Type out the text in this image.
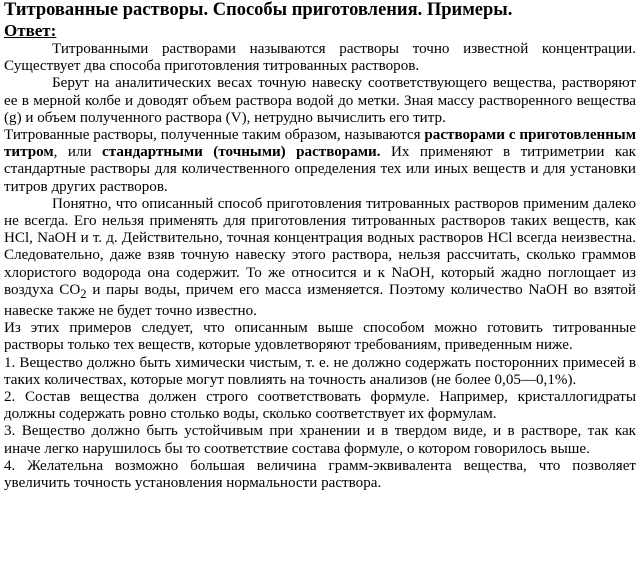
Титрованные растворы. Способы приготовления. Примеры.
Ответ:

Титрованными растворами называются растворы точно известной концентрации. Существует два способа приготовления титрованных растворов.

Берут на аналитических весах точную навеску соответствующего вещества, растворяют ее в мерной колбе и доводят объем раствора водой до метки. Зная массу растворенного вещества (g) и объем полученного раствора (V), нетрудно вычислить его титр.

Титрованные растворы, полученные таким образом, называются растворами с приготовленным титром, или стандартными (точными) растворами. Их применяют в титриметрии как стандартные растворы для количественного определения тех или иных веществ и для установки титров других растворов.

Понятно, что описанный способ приготовления титрованных растворов применим далеко не всегда. Его нельзя применять для приготовления титрованных растворов таких веществ, как HCl, NaOH и т. д. Действительно, точная концентрация водных растворов HCl всегда неизвестна. Следовательно, даже взяв точную навеску этого раствора, нельзя рассчитать, сколько граммов хлористого водорода она содержит. То же относится и к NaOH, который жадно поглощает из воздуха $CO_2$ и пары воды, причем его масса изменяется. Поэтому количество NaOH во взятой навеске также не будет точно известно.

Из этих примеров следует, что описанным выше способом можно готовить титрованные растворы только тех веществ, которые удовлетворяют требованиям, приведенным ниже.

1. Вещество должно быть химически чистым, т. е. не должно содержать посторонних примесей в таких количествах, которые могут повлиять на точность анализов (не более 0,05—0,1%).

2. Состав вещества должен строго соответствовать формуле. Например, кристаллогидраты должны содержать ровно столько воды, сколько соответствует их формулам.

3. Вещество должно быть устойчивым при хранении и в твердом виде, и в растворе, так как иначе легко нарушилось бы то соответствие состава формуле, о котором говорилось выше.

4. Желательна возможно большая величина грамм-эквивалента вещества, что позволяет увеличить точность установления нормальности раствора.
